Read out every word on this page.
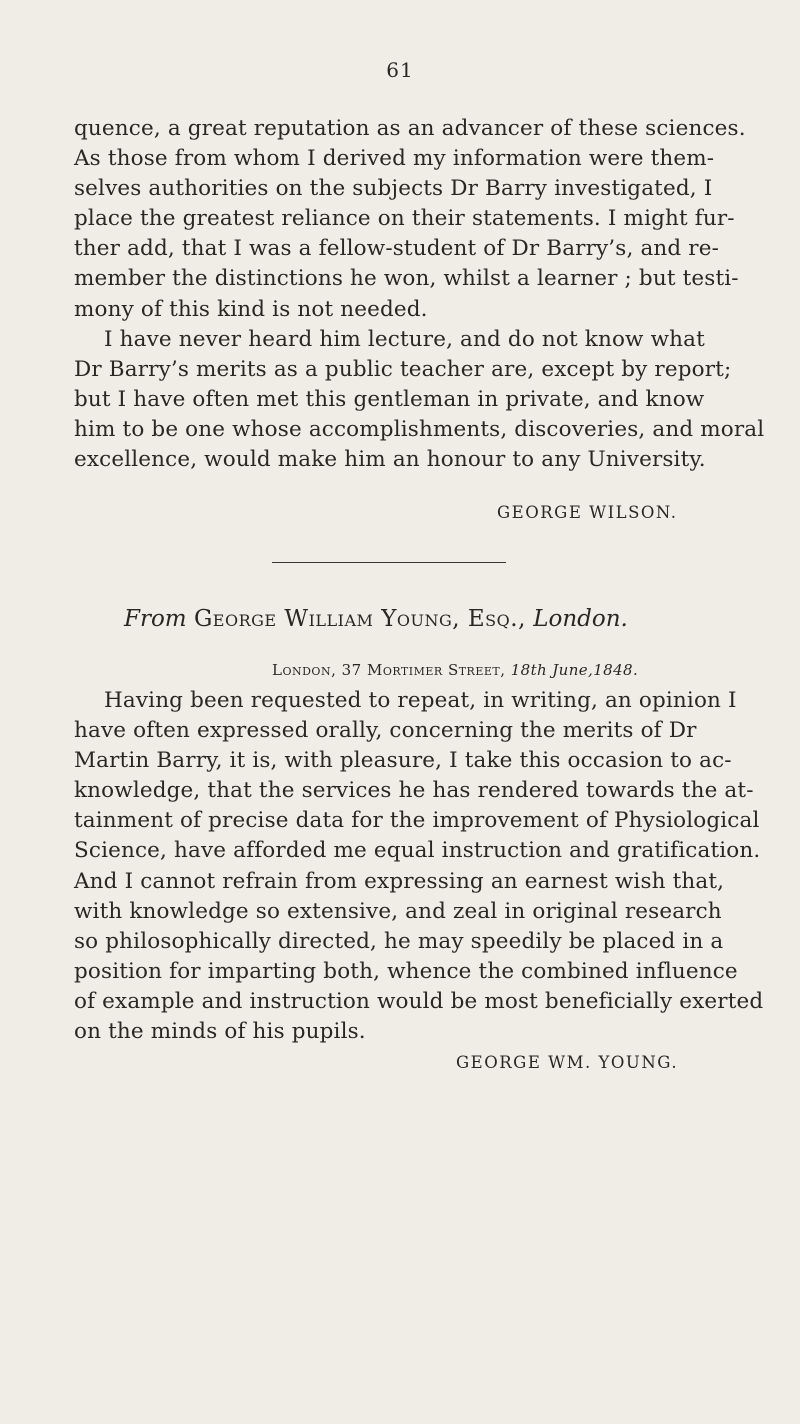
61
quence, a great reputation as an advancer of these sciences.
As those from whom I derived my information were them-
selves authorities on the subjects Dr Barry investigated, I
place the greatest reliance on their statements. I might fur-
ther add, that I was a fellow-student of Dr Barry’s, and re-
member the distinctions he won, whilst a learner ; but testi-
mony of this kind is not needed.
I have never heard him lecture, and do not know what
Dr Barry’s merits as a public teacher are, except by report;
but I have often met this gentleman in private, and know
him to be one whose accomplishments, discoveries, and moral
excellence, would make him an honour to any University.
GEORGE WILSON.
From George William Young, Esq., London.
London, 37 Mortimer Street, 18th June,1848.
Having been requested to repeat, in writing, an opinion I
have often expressed orally, concerning the merits of Dr
Martin Barry, it is, with pleasure, I take this occasion to ac-
knowledge, that the services he has rendered towards the at-
tainment of precise data for the improvement of Physiological
Science, have afforded me equal instruction and gratification.
And I cannot refrain from expressing an earnest wish that,
with knowledge so extensive, and zeal in original research
so philosophically directed, he may speedily be placed in a
position for imparting both, whence the combined influence
of example and instruction would be most beneficially exerted
on the minds of his pupils.
GEORGE WM. YOUNG.
